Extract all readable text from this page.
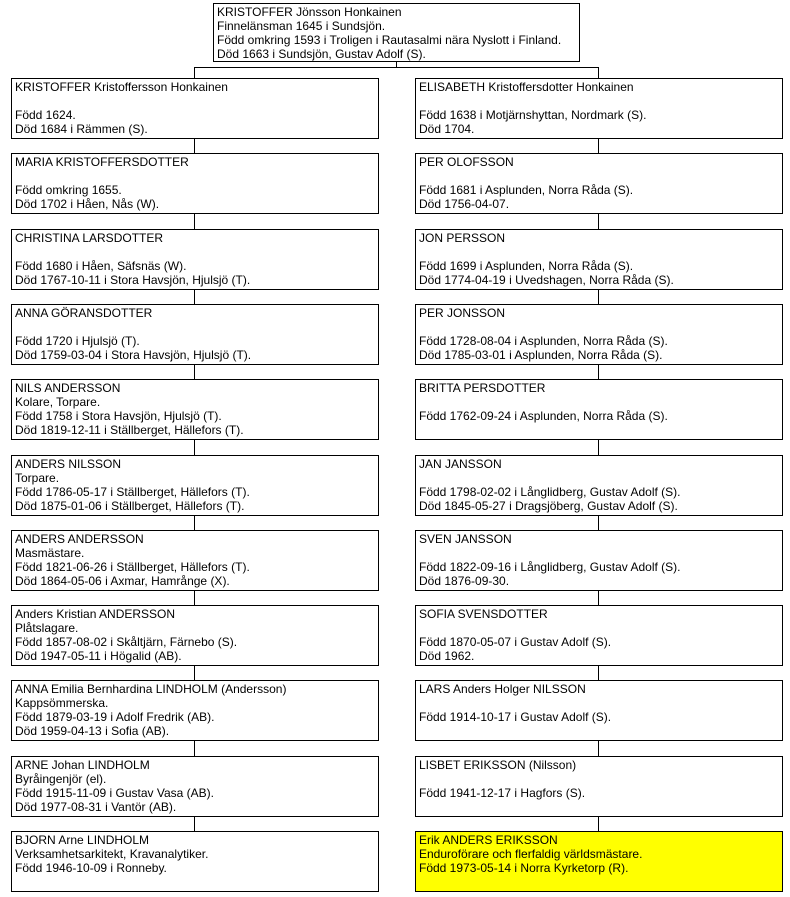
KRISTOFFER Jönsson Honkainen
Finnelänsman 1645 i Sundsjön.
Född omkring 1593 i Troligen i Rautasalmi nära Nyslott i Finland.
Död 1663 i Sundsjön, Gustav Adolf (S).
KRISTOFFER Kristoffersson Honkainen
Född 1624.
Död 1684 i Rämmen (S).
ELISABETH Kristoffersdotter Honkainen
Född 1638 i Motjärnshyttan, Nordmark (S).
Död 1704.
MARIA KRISTOFFERSDOTTER
Född omkring 1655.
Död 1702 i Håen, Nås (W).
PER OLOFSSON
Född 1681 i Asplunden, Norra Råda (S).
Död 1756-04-07.
CHRISTINA LARSDOTTER
Född 1680 i Håen, Säfsnäs (W).
Död 1767-10-11 i Stora Havsjön, Hjulsjö (T).
JON PERSSON
Född 1699 i Asplunden, Norra Råda (S).
Död 1774-04-19 i Uvedshagen, Norra Råda (S).
ANNA GÖRANSDOTTER
Född 1720 i Hjulsjö (T).
Död 1759-03-04 i Stora Havsjön, Hjulsjö (T).
PER JONSSON
Född 1728-08-04 i Asplunden, Norra Råda (S).
Död 1785-03-01 i Asplunden, Norra Råda (S).
NILS ANDERSSON
Kolare, Torpare.
Född 1758 i Stora Havsjön, Hjulsjö (T).
Död 1819-12-11 i Ställberget, Hällefors (T).
BRITTA PERSDOTTER
Född 1762-09-24 i Asplunden, Norra Råda (S).
ANDERS NILSSON
Torpare.
Född 1786-05-17 i Ställberget, Hällefors (T).
Död 1875-01-06 i Ställberget, Hällefors (T).
JAN JANSSON
Född 1798-02-02 i Långlidberg, Gustav Adolf (S).
Död 1845-05-27 i Dragsjöberg, Gustav Adolf (S).
ANDERS ANDERSSON
Masmästare.
Född 1821-06-26 i Ställberget, Hällefors (T).
Död 1864-05-06 i Axmar, Hamrånge (X).
SVEN JANSSON
Född 1822-09-16 i Långlidberg, Gustav Adolf (S).
Död 1876-09-30.
Anders Kristian ANDERSSON
Plåtslagare.
Född 1857-08-02 i Skåltjärn, Färnebo (S).
Död 1947-05-11 i Högalid (AB).
SOFIA SVENSDOTTER
Född 1870-05-07 i Gustav Adolf (S).
Död 1962.
ANNA Emilia Bernhardina LINDHOLM (Andersson)
Kappsömmerska.
Född 1879-03-19 i Adolf Fredrik (AB).
Död 1959-04-13 i Sofia (AB).
LARS Anders Holger NILSSON
Född 1914-10-17 i Gustav Adolf (S).
ARNE Johan LINDHOLM
Byråingenjör (el).
Född 1915-11-09 i Gustav Vasa (AB).
Död 1977-08-31 i Vantör (AB).
LISBET ERIKSSON (Nilsson)
Född 1941-12-17 i Hagfors (S).
BJORN Arne LINDHOLM
Verksamhetsarkitekt, Kravanalytiker.
Född 1946-10-09 i Ronneby.
Erik ANDERS ERIKSSON
Enduroförare och flerfaldig världsmästare.
Född 1973-05-14 i Norra Kyrketorp (R).
